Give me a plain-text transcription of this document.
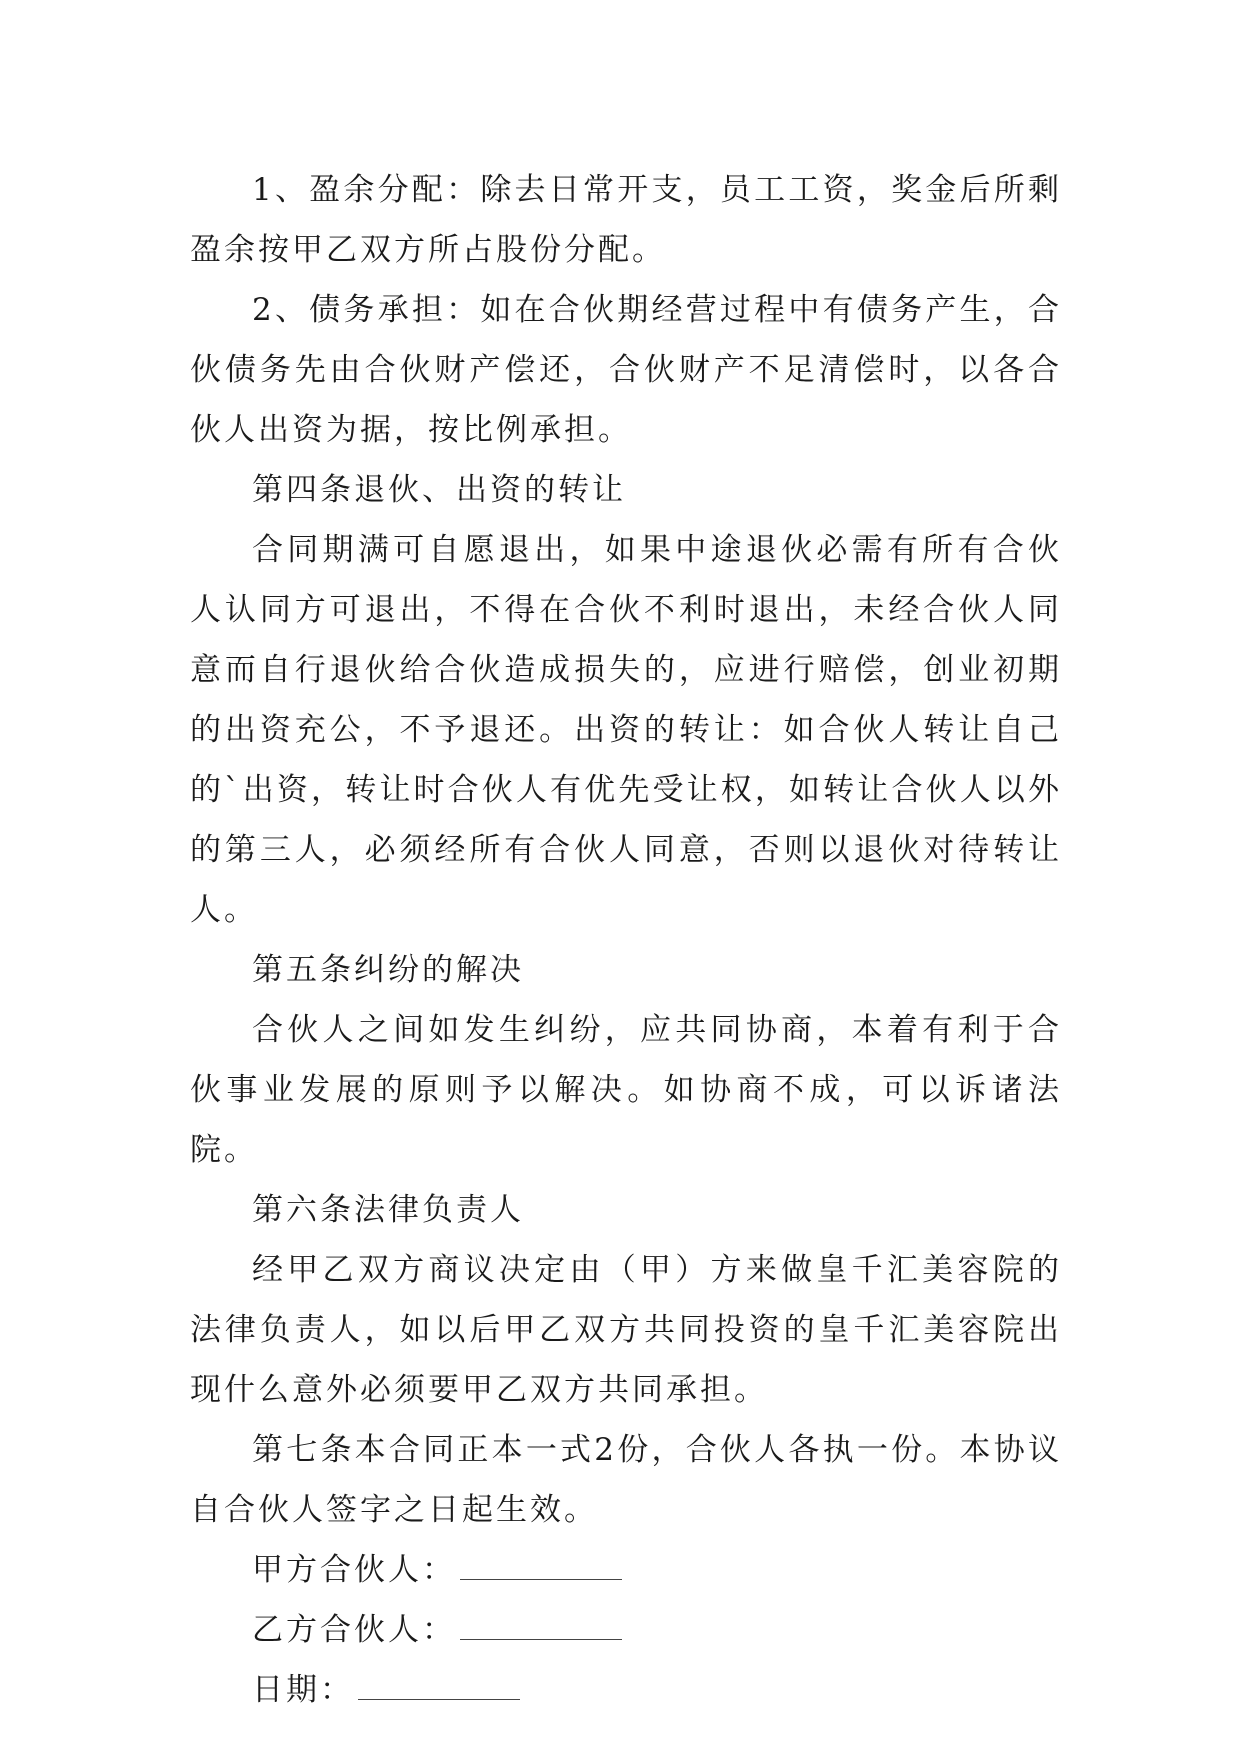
1、盈余分配：除去日常开支，员工工资，奖金后所剩盈余按甲乙双方所占股份分配。

2、债务承担：如在合伙期经营过程中有债务产生，合伙债务先由合伙财产偿还，合伙财产不足清偿时，以各合伙人出资为据，按比例承担。

第四条退伙、出资的转让

合同期满可自愿退出，如果中途退伙必需有所有合伙人认同方可退出，不得在合伙不利时退出，未经合伙人同意而自行退伙给合伙造成损失的，应进行赔偿，创业初期的出资充公，不予退还。出资的转让：如合伙人转让自己的`出资，转让时合伙人有优先受让权，如转让合伙人以外的第三人，必须经所有合伙人同意，否则以退伙对待转让人。

第五条纠纷的解决

合伙人之间如发生纠纷，应共同协商，本着有利于合伙事业发展的原则予以解决。如协商不成，可以诉诸法院。

第六条法律负责人

经甲乙双方商议决定由（甲）方来做皇千汇美容院的法律负责人，如以后甲乙双方共同投资的皇千汇美容院出现什么意外必须要甲乙双方共同承担。

第七条本合同正本一式2份，合伙人各执一份。本协议自合伙人签字之日起生效。

甲方合伙人：

乙方合伙人：

日期：
